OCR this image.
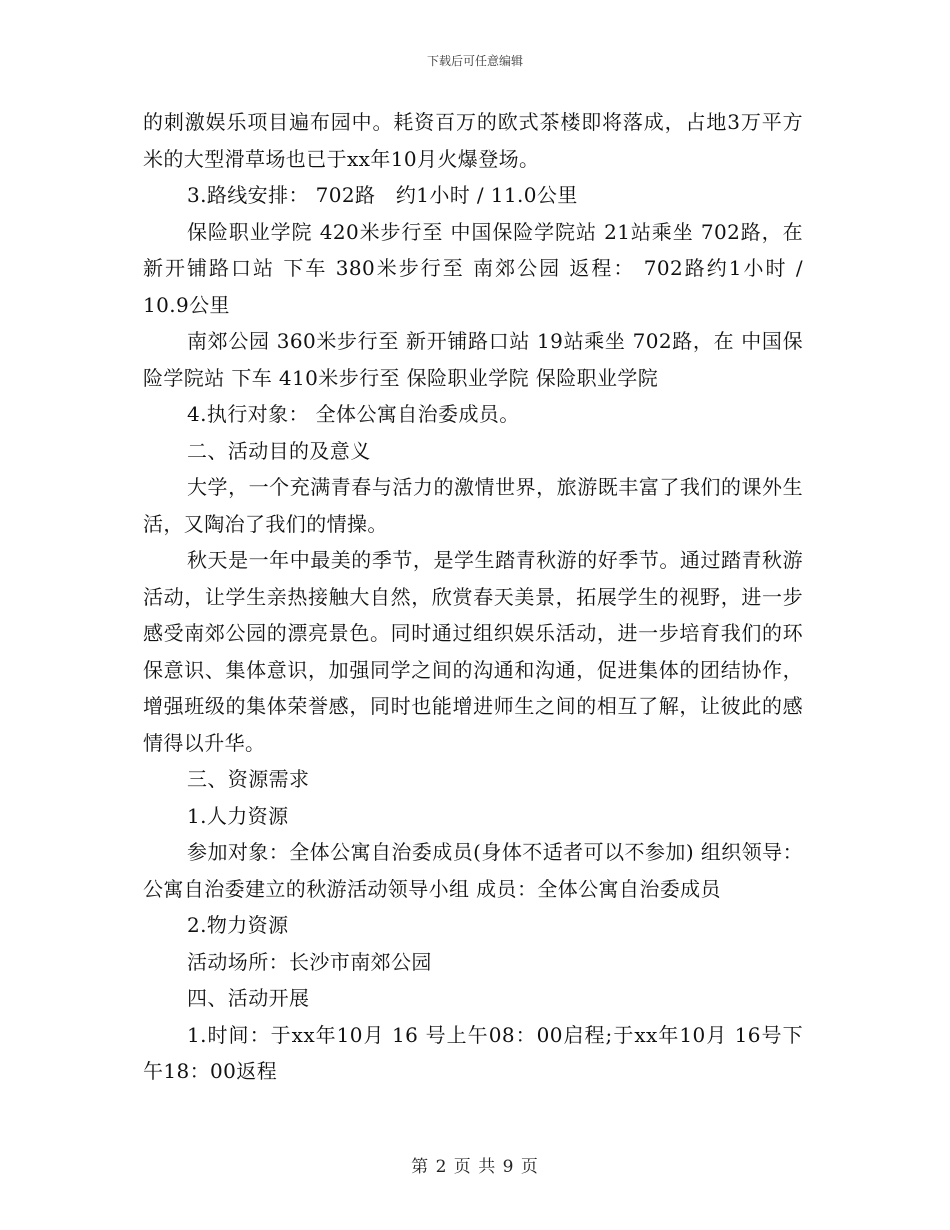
下载后可任意编辑

的刺激娱乐项目遍布园中。耗资百万的欧式茶楼即将落成，占地3万平方米的大型滑草场也已于xx年10月火爆登场。

3.路线安排： 702路　约1小时 / 11.0公里

保险职业学院 420米步行至 中国保险学院站 21站乘坐 702路，在 新开铺路口站 下车 380米步行至 南郊公园 返程： 702路约1小时 / 10.9公里

南郊公园 360米步行至 新开铺路口站 19站乘坐 702路，在 中国保险学院站 下车 410米步行至 保险职业学院 保险职业学院

4.执行对象： 全体公寓自治委成员。

二、活动目的及意义

大学，一个充满青春与活力的激情世界，旅游既丰富了我们的课外生活，又陶冶了我们的情操。

秋天是一年中最美的季节，是学生踏青秋游的好季节。通过踏青秋游活动，让学生亲热接触大自然，欣赏春天美景，拓展学生的视野，进一步感受南郊公园的漂亮景色。同时通过组织娱乐活动，进一步培育我们的环保意识、集体意识，加强同学之间的沟通和沟通，促进集体的团结协作，增强班级的集体荣誉感，同时也能增进师生之间的相互了解，让彼此的感情得以升华。

三、资源需求

1.人力资源

参加对象：全体公寓自治委成员(身体不适者可以不参加) 组织领导：公寓自治委建立的秋游活动领导小组 成员：全体公寓自治委成员

2.物力资源

活动场所：长沙市南郊公园

四、活动开展

1.时间：于xx年10月 16 号上午08：00启程;于xx年10月 16号下午18：00返程

第 2 页 共 9 页
